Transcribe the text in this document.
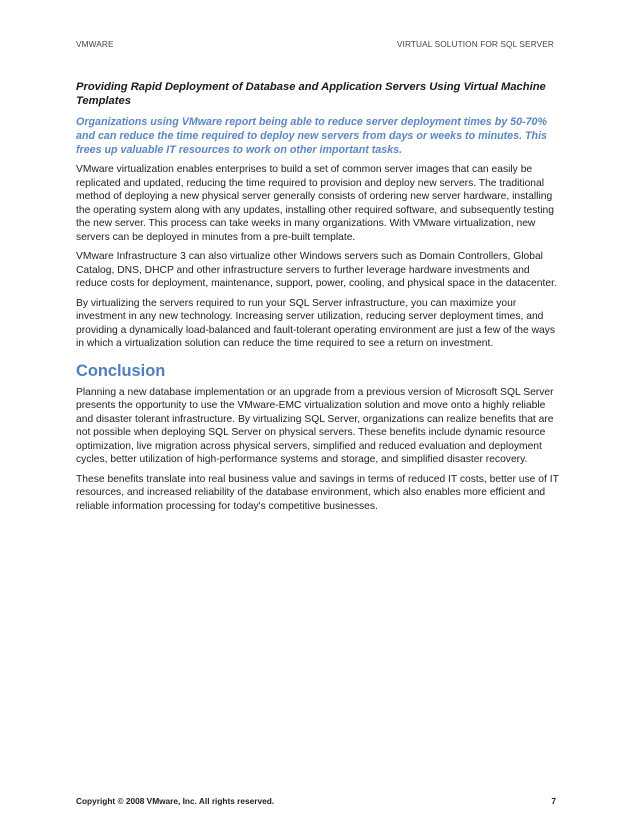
VMWARE	VIRTUAL SOLUTION FOR SQL SERVER
Providing Rapid Deployment of Database and Application Servers Using Virtual Machine Templates
Organizations using VMware report being able to reduce server deployment times by 50-70% and can reduce the time required to deploy new servers from days or weeks to minutes. This frees up valuable IT resources to work on other important tasks.

VMware virtualization enables enterprises to build a set of common server images that can easily be replicated and updated, reducing the time required to provision and deploy new servers. The traditional method of deploying a new physical server generally consists of ordering new server hardware, installing the operating system along with any updates, installing other required software, and subsequently testing the new server. This process can take weeks in many organizations. With VMware virtualization, new servers can be deployed in minutes from a pre-built template.

VMware Infrastructure 3 can also virtualize other Windows servers such as Domain Controllers, Global Catalog, DNS, DHCP and other infrastructure servers to further leverage hardware investments and reduce costs for deployment, maintenance, support, power, cooling, and physical space in the datacenter.

By virtualizing the servers required to run your SQL Server infrastructure, you can maximize your investment in any new technology. Increasing server utilization, reducing server deployment times, and providing a dynamically load-balanced and fault-tolerant operating environment are just a few of the ways in which a virtualization solution can reduce the time required to see a return on investment.

Conclusion

Planning a new database implementation or an upgrade from a previous version of Microsoft SQL Server presents the opportunity to use the VMware-EMC virtualization solution and move onto a highly reliable and disaster tolerant infrastructure. By virtualizing SQL Server, organizations can realize benefits that are not possible when deploying SQL Server on physical servers. These benefits include dynamic resource optimization, live migration across physical servers, simplified and reduced evaluation and deployment cycles, better utilization of high-performance systems and storage, and simplified disaster recovery.

These benefits translate into real business value and savings in terms of reduced IT costs, better use of IT resources, and increased reliability of the database environment, which also enables more efficient and reliable information processing for today's competitive businesses.

Copyright © 2008 VMware, Inc. All rights reserved.	7
